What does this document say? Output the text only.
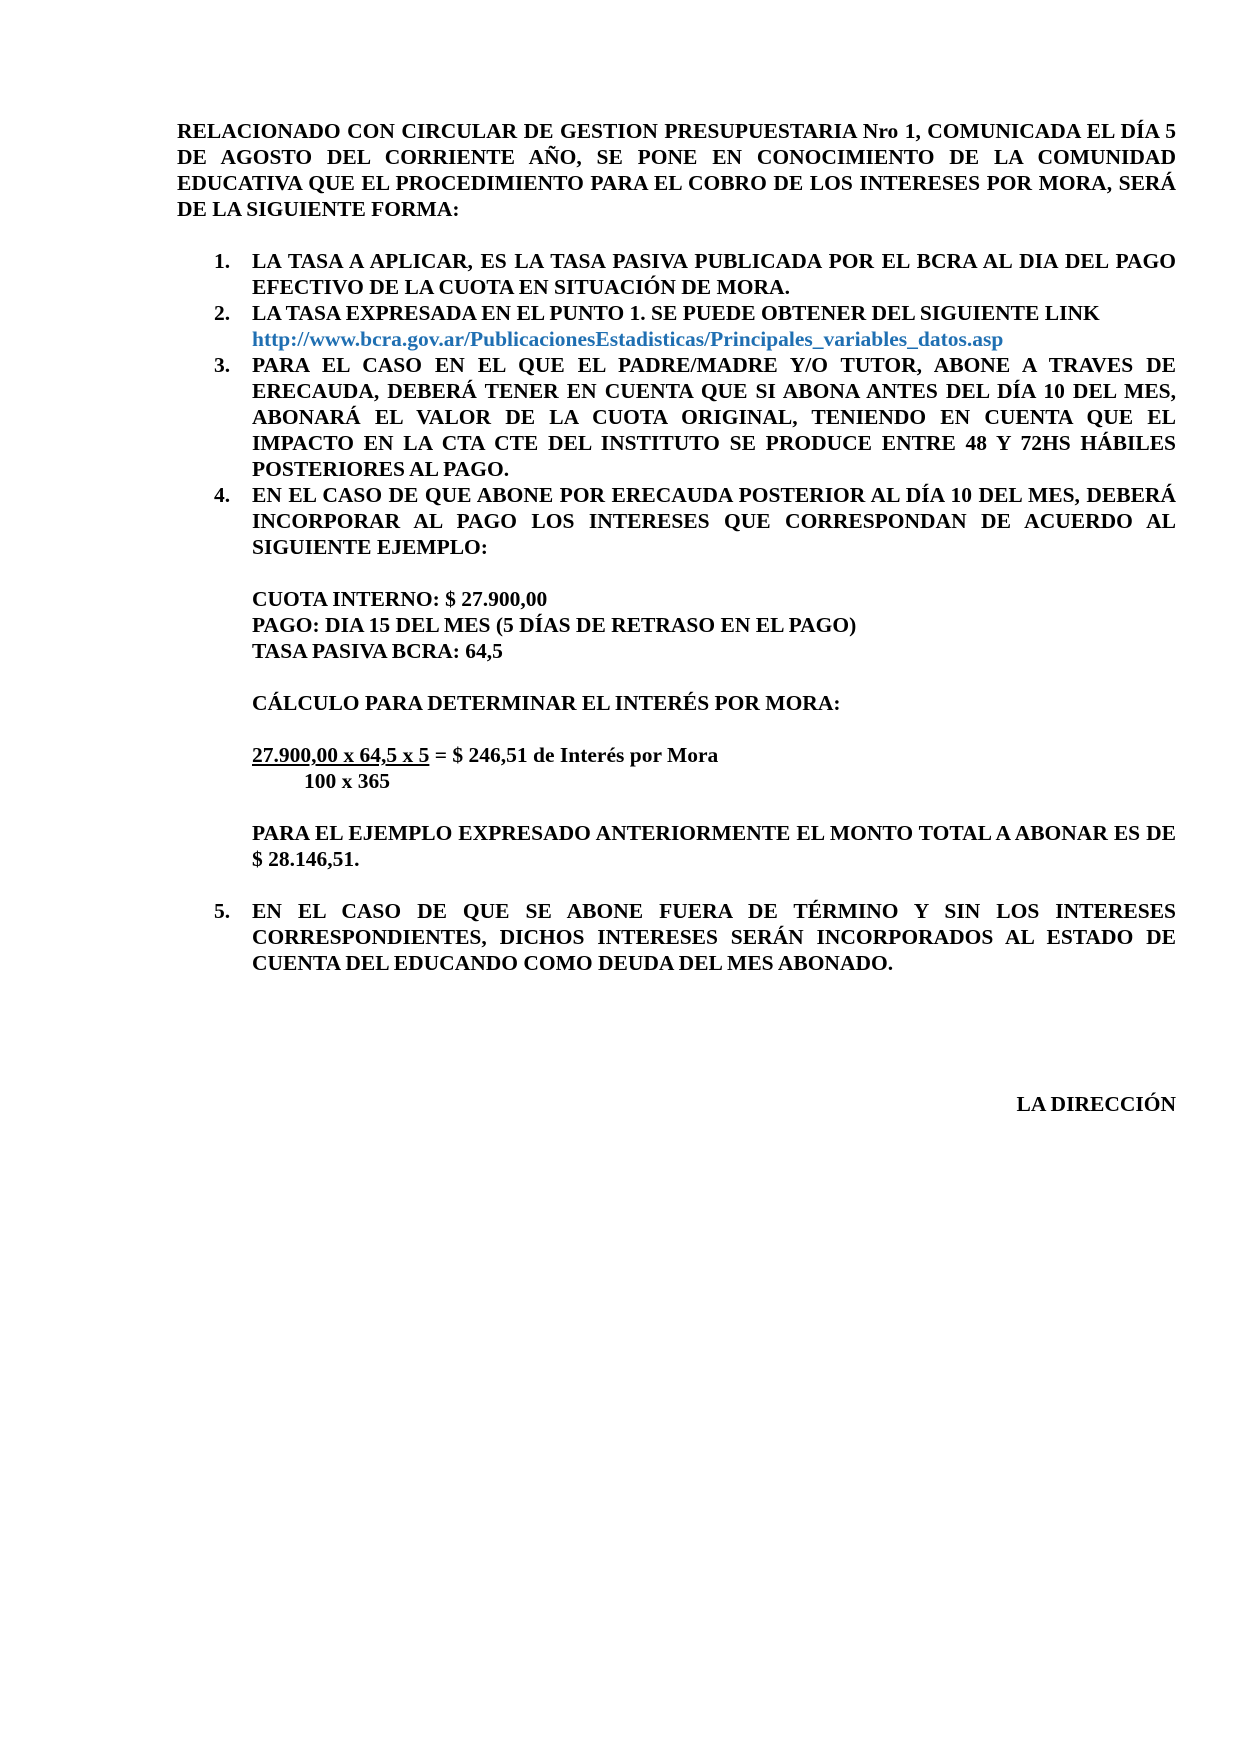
RELACIONADO CON CIRCULAR DE GESTION PRESUPUESTARIA Nro 1, COMUNICADA EL DÍA 5 DE AGOSTO DEL CORRIENTE AÑO, SE PONE EN CONOCIMIENTO DE LA COMUNIDAD EDUCATIVA QUE EL PROCEDIMIENTO PARA EL COBRO DE LOS INTERESES POR MORA, SERÁ DE LA SIGUIENTE FORMA:

1. LA TASA A APLICAR, ES LA TASA PASIVA PUBLICADA POR EL BCRA AL DIA DEL PAGO EFECTIVO DE LA CUOTA EN SITUACIÓN DE MORA.

2. LA TASA EXPRESADA EN EL PUNTO 1. SE PUEDE OBTENER DEL SIGUIENTE LINK

http://www.bcra.gov.ar/PublicacionesEstadisticas/Principales_variables_datos.asp

3. PARA EL CASO EN EL QUE EL PADRE/MADRE Y/O TUTOR, ABONE A TRAVES DE ERECAUDA, DEBERÁ TENER EN CUENTA QUE SI ABONA ANTES DEL DÍA 10 DEL MES, ABONARÁ EL VALOR DE LA CUOTA ORIGINAL, TENIENDO EN CUENTA QUE EL IMPACTO EN LA CTA CTE DEL INSTITUTO SE PRODUCE ENTRE 48 Y 72HS HÁBILES POSTERIORES AL PAGO.

4. EN EL CASO DE QUE ABONE POR ERECAUDA POSTERIOR AL DÍA 10 DEL MES, DEBERÁ INCORPORAR AL PAGO LOS INTERESES QUE CORRESPONDAN DE ACUERDO AL SIGUIENTE EJEMPLO:

CUOTA INTERNO: $ 27.900,00
PAGO: DIA 15 DEL MES (5 DÍAS DE RETRASO EN EL PAGO)
TASA PASIVA BCRA: 64,5
CÁLCULO PARA DETERMINAR EL INTERÉS POR MORA:
27.900,00 x 64,5 x 5 = $ 246,51 de Interés por Mora
100 x 365
PARA EL EJEMPLO EXPRESADO ANTERIORMENTE EL MONTO TOTAL A ABONAR ES DE $ 28.146,51.
5. EN EL CASO DE QUE SE ABONE FUERA DE TÉRMINO Y SIN LOS INTERESES CORRESPONDIENTES, DICHOS INTERESES SERÁN INCORPORADOS AL ESTADO DE CUENTA DEL EDUCANDO COMO DEUDA DEL MES ABONADO.

LA DIRECCIÓN
